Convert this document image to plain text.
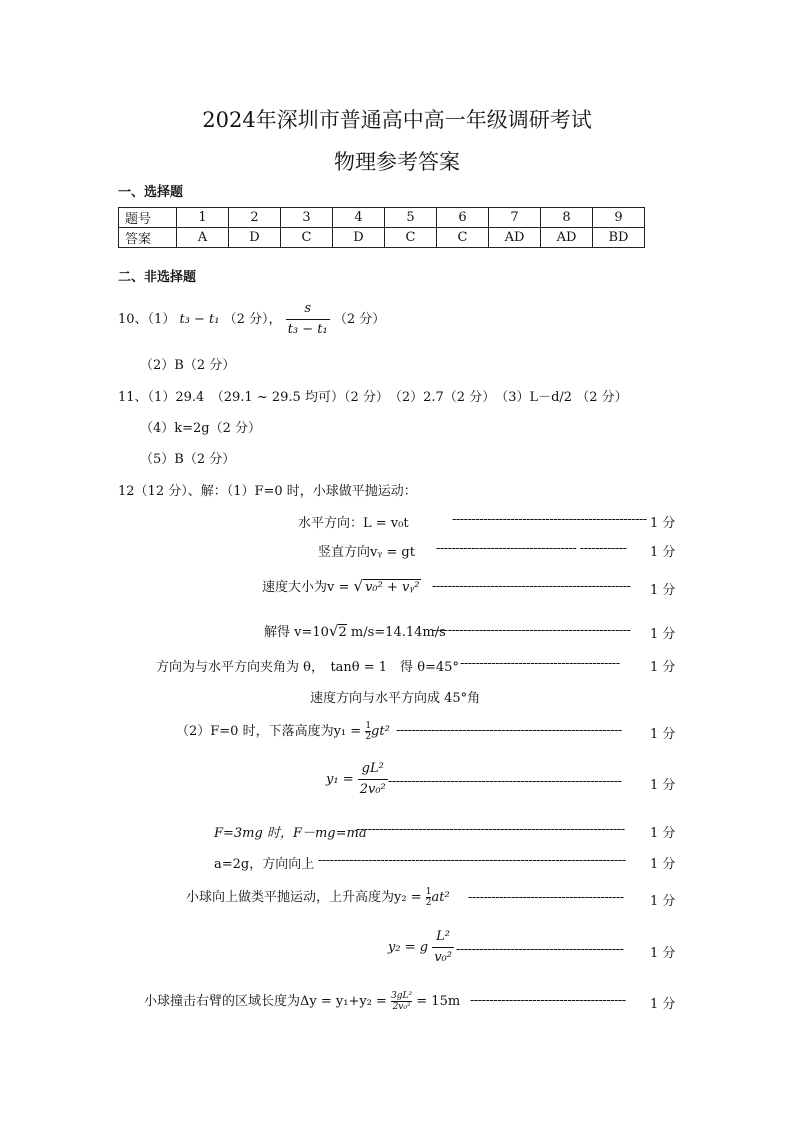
2024年深圳市普通高中高一年级调研考试
物理参考答案
一、选择题
题号	1	2	3	4	5	6	7	8	9
答案	A	D	C	D	C	C	AD	AD	BD
二、非选择题
10、（1） t₃ − t₁ （2 分）， $\frac{s}{\text{t₃ − t₁}} (2$ 分）
（2）B（2 分）
11、（1）29.4　（29.1 ~ 29.5 均可）（2 分）　（2）2.7（2 分）　（3）L－d/2 （2 分）
（4）k=2g（2 分）
（5）B（2 分）
12（12 分）、解：（1）F=0 时，小球做平抛运动：
水平方向：L = v₀t	-------------------------------------------------- 1 分
竖直方向vᵧ = gt ------------------------------------ ------------ 1 分
速度大小为v = √ v₀² + vᵧ² --------------------------------------------------- 1 分
解得 v=10√2 m/s=14.14m/s
--------------------------------------------------- 1 分
方向为与水平方向夹角为 θ，　tanθ = 1　得 θ=45° ----------------------------------------- 1 分
速度方向与水平方向成 45°角
（2）F=0 时，下落高度为$y_1 = \frac{1}{2} gt^2$ ---------------------------------------------------------- 1 分
$y_1 = \frac{\text{gL²}}{\text{2v₀²}}$ ------------------------------------------------------------ 1 分
F=3mg 时，F－mg=ma
--------------------------------------------------------------------- 1 分
a=2g，方向向上 ------------------------------------------------------------------------------- 1 分
小球向上做类平抛运动，上升高度为$y_2 = \frac{1}{2} at^2$ ---------------------------------------- 1 分
y₂ = g $\frac{\text{L²}}{\text{v₀²}}$ ------------------------------------------- 1 分
小球撞击右臂的区域长度为$\Delta y = y_1+y_2 = \frac{\text{3gL²}}{\text{2v₀²}} = 15m$ ---------------------------------------- 1 分
